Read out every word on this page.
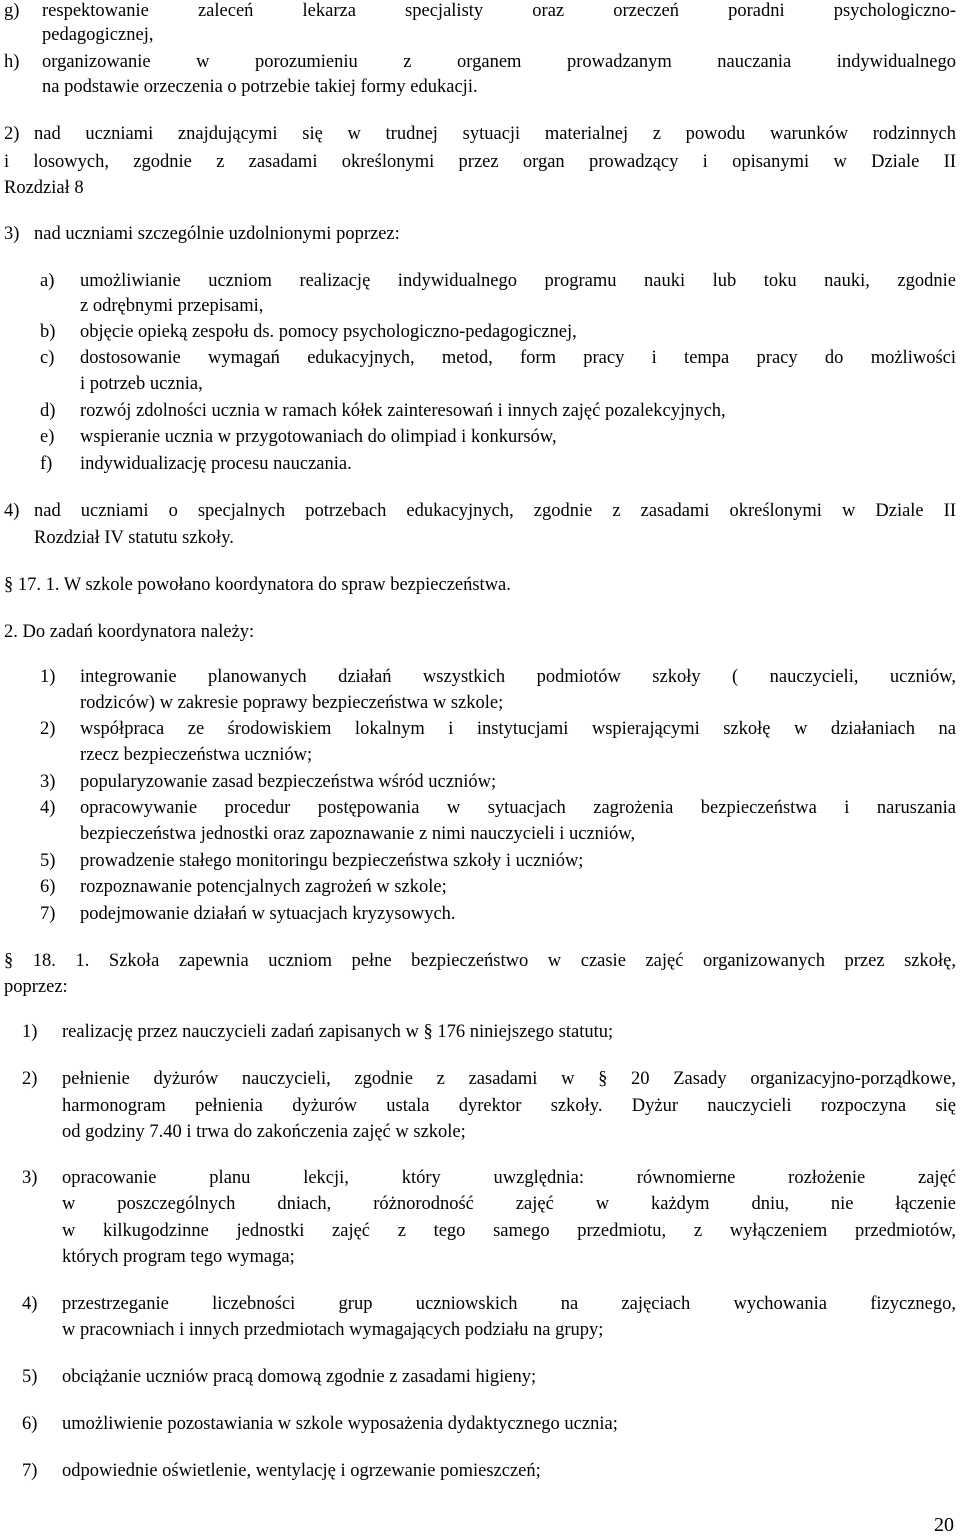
g) respektowanie zaleceń lekarza specjalisty oraz orzeczeń poradni psychologiczno-
pedagogicznej,
h) organizowanie w porozumieniu z organem prowadzanym nauczania indywidualnego
na podstawie orzeczenia o potrzebie takiej formy edukacji.
2) nad uczniami znajdującymi się w trudnej sytuacji materialnej z powodu warunków rodzinnych
i losowych, zgodnie z zasadami określonymi przez organ prowadzący i opisanymi w Dziale II
Rozdział 8
3) nad uczniami szczególnie uzdolnionymi poprzez:
a) umożliwianie uczniom realizację indywidualnego programu nauki lub toku nauki, zgodnie
z odrębnymi przepisami,
b) objęcie opieką zespołu ds. pomocy psychologiczno-pedagogicznej,
c) dostosowanie wymagań edukacyjnych, metod, form pracy i tempa pracy do możliwości
i potrzeb ucznia,
d) rozwój zdolności ucznia w ramach kółek zainteresowań i innych zajęć pozalekcyjnych,
e) wspieranie ucznia w przygotowaniach do olimpiad i konkursów,
f) indywidualizację procesu nauczania.
4) nad uczniami o specjalnych potrzebach edukacyjnych, zgodnie z zasadami określonymi w Dziale II
Rozdział IV statutu szkoły.
§ 17. 1. W szkole powołano koordynatora do spraw bezpieczeństwa.
2. Do zadań koordynatora należy:
1) integrowanie planowanych działań wszystkich podmiotów szkoły ( nauczycieli, uczniów,
rodziców) w zakresie poprawy bezpieczeństwa w szkole;
2) współpraca ze środowiskiem lokalnym i instytucjami wspierającymi szkołę w działaniach na
rzecz bezpieczeństwa uczniów;
3) popularyzowanie zasad bezpieczeństwa wśród uczniów;
4) opracowywanie procedur postępowania w sytuacjach zagrożenia bezpieczeństwa i naruszania
bezpieczeństwa jednostki oraz zapoznawanie z nimi nauczycieli i uczniów,
5) prowadzenie stałego monitoringu bezpieczeństwa szkoły i uczniów;
6) rozpoznawanie potencjalnych zagrożeń w szkole;
7) podejmowanie działań w sytuacjach kryzysowych.
§ 18. 1. Szkoła zapewnia uczniom pełne bezpieczeństwo w czasie zajęć organizowanych przez szkołę,
poprzez:
1) realizację przez nauczycieli zadań zapisanych w § 176 niniejszego statutu;
2) pełnienie dyżurów nauczycieli, zgodnie z zasadami w § 20 Zasady organizacyjno-porządkowe,
harmonogram pełnienia dyżurów ustala dyrektor szkoły. Dyżur nauczycieli rozpoczyna się
od godziny 7.40 i trwa do zakończenia zajęć w szkole;
3) opracowanie planu lekcji, który uwzględnia: równomierne rozłożenie zajęć
w poszczególnych dniach, różnorodność zajęć w każdym dniu, nie łączenie
w kilkugodzinne jednostki zajęć z tego samego przedmiotu, z wyłączeniem przedmiotów,
których program tego wymaga;
4) przestrzeganie liczebności grup uczniowskich na zajęciach wychowania fizycznego,
w pracowniach i innych przedmiotach wymagających podziału na grupy;
5) obciążanie uczniów pracą domową zgodnie z zasadami higieny;
6) umożliwienie pozostawiania w szkole wyposażenia dydaktycznego ucznia;
7) odpowiednie oświetlenie, wentylację i ogrzewanie pomieszczeń;
20
